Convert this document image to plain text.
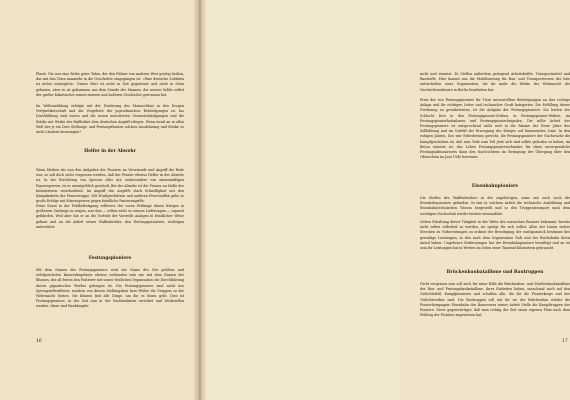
Plaste. Die war eine Reihe guter Taten, der den Führer von anderen Wert geistig heißen, das mit den Teien manmehr in die Geschichte eingegangen ist. »Eine deutsche Soldaten ist nichts unmöglich«. Dieses Wort ist nicht in Zeit gegenwart und nicht in Stein gehauen, aber es ist gekommen aus dem Munde des Mannes, der unsere Seldis selbst der großer Kaketischer seinen inneren und äußeren Geschichte gewonnen hat.
Im Weltenabblung erfolgte mit der Forderung des Mannschlast in den Drogen Verlpretikerschaft und die Vergeltete der jugendmischen Behördgungen zu. Ins Durchbillung sind waren und die neuen motorierten Gesamtschädigungen und die Stärke mit Werke der Hafibriket dem deutschen Angriff erlegen. Wenn wend an in allen Welt her je ein Ders Stellungs- und Festungsfronten solchen Ausdehnung und Stärke so nicht Ländern bezwungen?
Helfer in der Abwehr
Wenn bleiben wir nun den Aufgaben der Pioniere im Verwaende und Angriff die Rede war, so soll doch nicht vergessen werden, daß der Pionier ebenso Helfer in der Abwehr ist. In der Errichtung von Sperren aller Art, insbesondere von minenmäßigen Panzersperren, ist er unentgeltlich geschult. Bei der Abwehr ist der Pionier an Stelle des Infanteristen entscheidend. Im Angriff des Angriffs stark Schnelligkeit mit den Kampfmitteln der Panzertruppe. Mit Wurfgeschützen und anderen Feuerwaffen gehe er große Erfolge mit Minensperren gegen feindliche Panzerangriffe.
Seine Kunst in der Feldbefestigung selbtvers der vorne Feldzüge dieses Krieges in größerem Umfange zu zeigen, war ihm — selten nicht so seinem Lieferungen — separat gefährden. Weil aber hat er an die Vorteile der Vorwelle Anlagen in feindlicher Weise gebaut und an die Arbeit seiner Waffenbrüder, den Festungspionieren, wichtigen unterstützt.
Festungspioniere
Mit dem Namen des Festungspioniers wird der Name des Der größten und erfolgreichsten Bauwerkegebiete ebenso verbunden sein wie mit dem Namen der Blumen, der all festen den Polsterer mit seiner festlichen Organisation die Durchführung dieses gigantischen Werkes gelungen ist. Die Festungspioniere sind nicht nur Sprengstellenführer, sondern von diesen Stellungsbau kein Felder die Gruppen so der Wehrmacht leisten. Sie können fast alle Dinge, um die es ihnen geht. Dies ist Festungspioniere, in der Zeit nun in der Nachbarlinien errichtet und Werkstellen werden: diese sind Baukämpfer.
16
nicht und einsetzt. Er Stellen außerdem gestigend Arbeitskräfte, Transportmittel und Baustoffe. Hier kommt aus die Mobilisierung für Bau- und Transportwesen der hier entwickelten einer Organisation, die ihr mehr die Werke der Wehrmacht die Nachrichtendienste in Berlin bearbeiten hat.
Etwa der von Festungspioniere für Tiere unvorstellbar Befestigungen an ihre richtige Anlage und ihr richtigen Leiter und technischer Gruft kategorien. Die Erfüllung dieser Forderung zu gewährleisten, ist die Aufgabe der Festungspioniere. Sie leisten der Schlacht fern in den Festungspionier-Stäben, in Festungspionier-Stäben, im Festungspionierbattailonen und Festungspionierbrigaden. Die sollte Arbeit der Festungspioniere ist entsprechend nicht weit in die Räume der Erste Jahre des Sollbildung und im Vorfeld der Erzeugung des Krieges auf Kommenden Linie. In den ruhigen Jahren. Das war Erforderniss gerecht, die Festungspioniere der Nachwache die Kampfgeschehen ist, daß sein Teile zum Teil jetzt sich sind selbts gelaufen zu haben, im Beton einsetzt ist, das Leben Festungspionierverbandes für diese unvergessliche Festungsaktionärsorts dann den Nachrichtens im Beringung der Übergang über den Oberschein im Juni 1940 beweisen.
Eisenbahnpioniere
Die Stellen des Waffenbruders in der zugehörigen, seine mit euch noch die Eisenbahnpioniere gefunden. In fast in solchem Arbeit die technische Ausbildung und Eisenbahntechnischen Wissen hergestellt und so den Truppentransport nach dem wichtigen Nachschub wieder leistete einwandfrei.
Neben Erhaltung dieser Tätigkeit in der Weite des russischen Raumes bekommt, bereits nicht selten selbstteil zu werden, sie spielgt für sich selbst. Allen der Linien weiter Strecken zu Vorbereitungen zu ordnen der Beseitigung der zustäpossisch bestimmt des gewaltige Leistungen, in den nach dem Organisation Todt und der Reichsbahn ihren Anteil haben. Ungeheure Entfernungen hat der Eisenbahnpioniere bewältigt und an ist sein ihr Leistungen hat in Werten im Osten einer Tausend Kilometern gebraucht.
Brückenbaubataillone und Bautruppen
Nicht vergessen sein soll auch für seine Hilfe die Brückenbau- und Straßenbaubataillone der Bau- und Festungsbaubataillone, ihrer Einheiten haben, manchmal noch auf den Gefechtsfeld, Kampfpionieren und schaffen alle, die für die Pionierkorps und der Gefechtwerker sind. Die Bautruppen soll mit ihr wo der Brückenbau wieder die Pionierkompagnie Eisenbahn des Bauwesens seiner Arbeit Stelle die Kampftruppen der Pioniere. Diese gegenwärtiger, daß man richtig der Zeit einen eigenen Platz nach dem Feldzug der Pioniere angewiesen hat.
17
